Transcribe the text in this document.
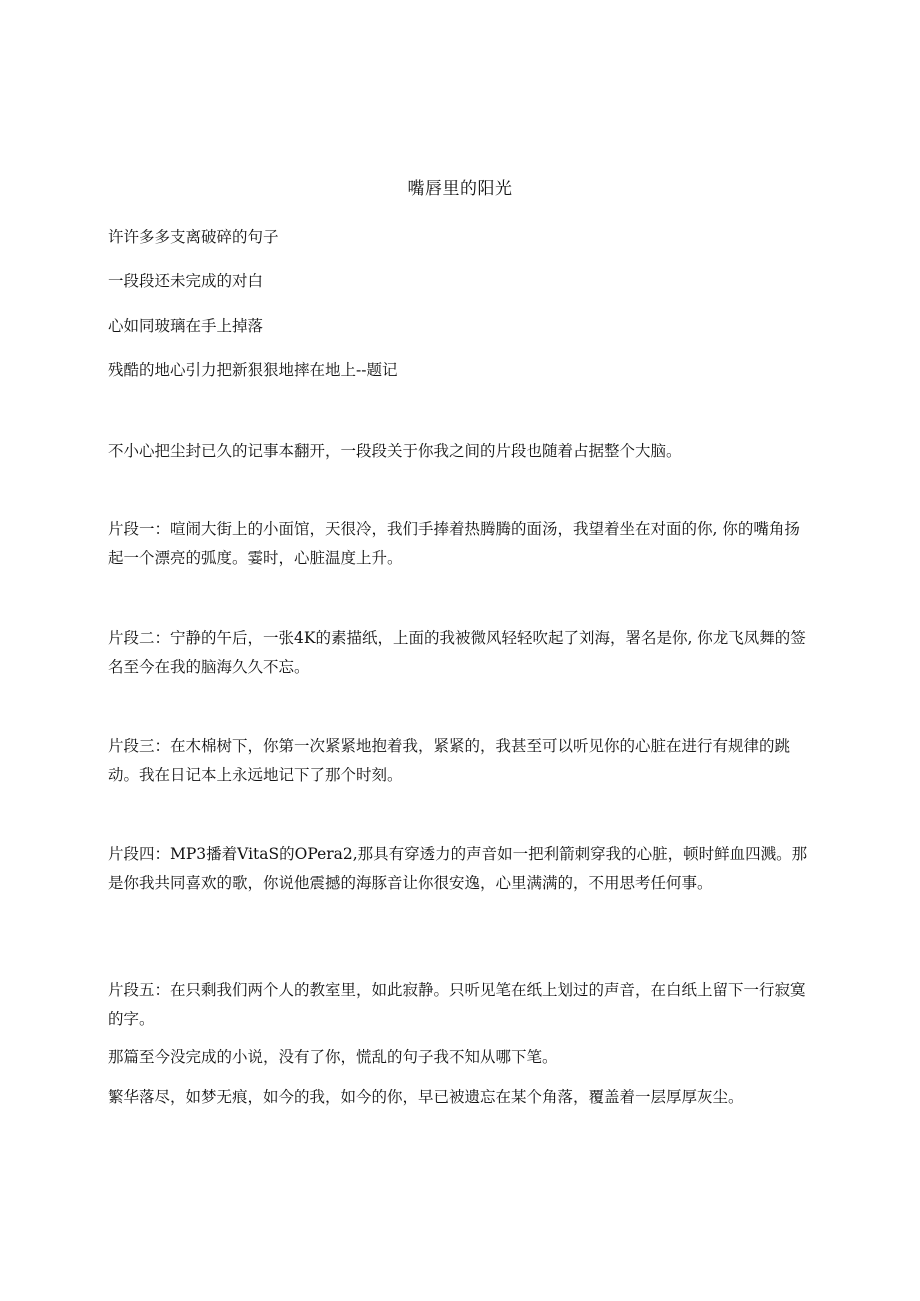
嘴唇里的阳光

许许多多支离破碎的句子

一段段还未完成的对白

心如同玻璃在手上掉落

残酷的地心引力把新狠狠地摔在地上--题记

不小心把尘封已久的记事本翻开，一段段关于你我之间的片段也随着占据整个大脑。

片段一：喧闹大街上的小面馆，天很冷，我们手捧着热腾腾的面汤，我望着坐在对面的你, 你的嘴角扬起一个漂亮的弧度。霎时，心脏温度上升。

片段二：宁静的午后，一张4K的素描纸，上面的我被微风轻轻吹起了刘海，署名是你, 你龙飞凤舞的签名至今在我的脑海久久不忘。

片段三：在木棉树下，你第一次紧紧地抱着我，紧紧的，我甚至可以听见你的心脏在进行有规律的跳动。我在日记本上永远地记下了那个时刻。

片段四：MP3播着VitaS的OPera2,那具有穿透力的声音如一把利箭刺穿我的心脏，顿时鲜血四溅。那是你我共同喜欢的歌，你说他震撼的海豚音让你很安逸，心里满满的，不用思考任何事。

片段五：在只剩我们两个人的教室里，如此寂静。只听见笔在纸上划过的声音，在白纸上留下一行寂寞的字。

那篇至今没完成的小说，没有了你，慌乱的句子我不知从哪下笔。

繁华落尽，如梦无痕，如今的我，如今的你，早已被遗忘在某个角落，覆盖着一层厚厚灰尘。
